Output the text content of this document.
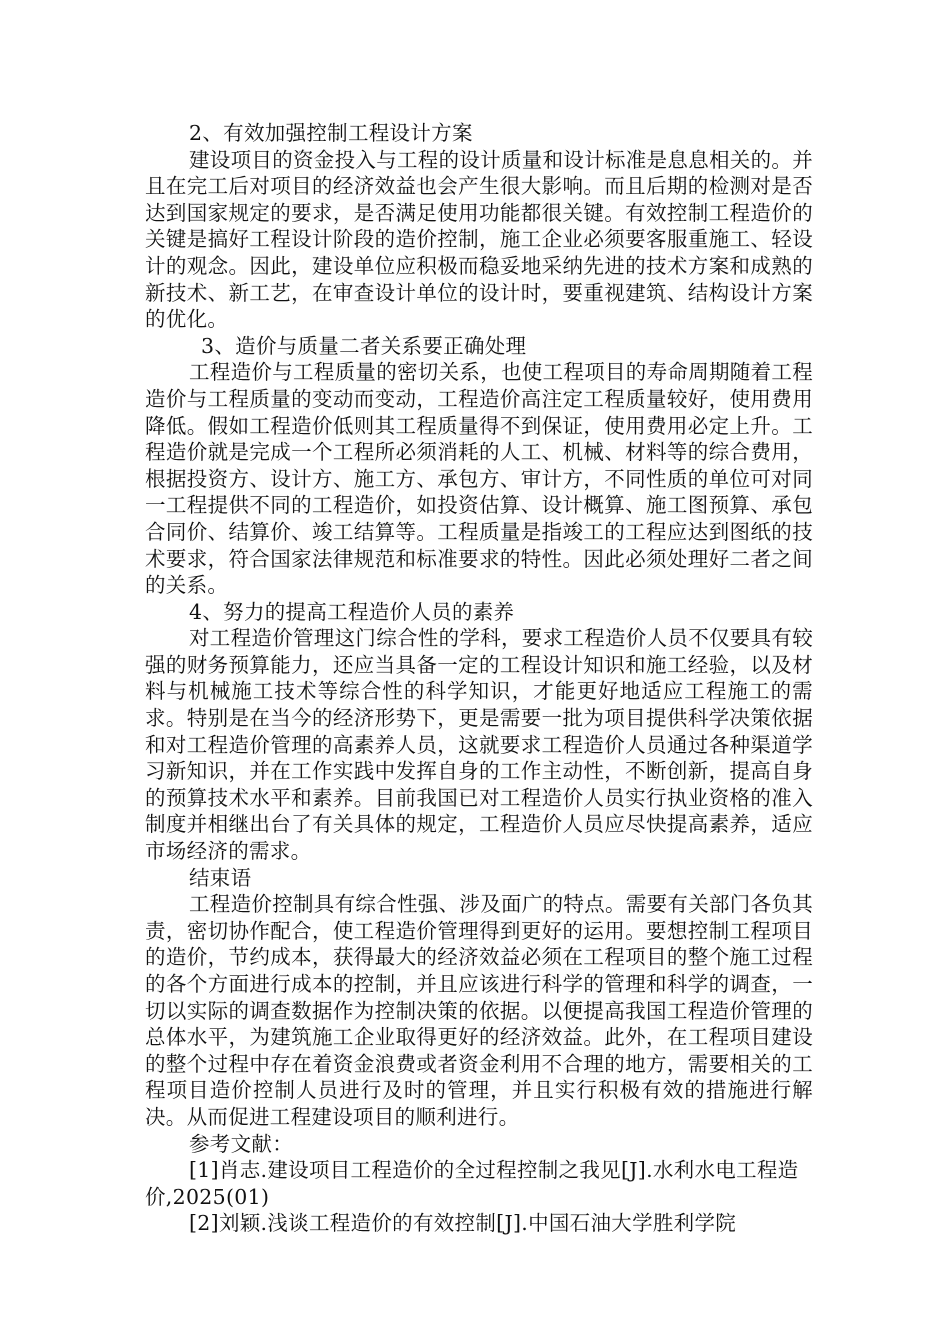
2、有效加强控制工程设计方案

建设项目的资金投入与工程的设计质量和设计标准是息息相关的。并且在完工后对项目的经济效益也会产生很大影响。而且后期的检测对是否达到国家规定的要求，是否满足使用功能都很关键。有效控制工程造价的关键是搞好工程设计阶段的造价控制，施工企业必须要客服重施工、轻设计的观念。因此，建设单位应积极而稳妥地采纳先进的技术方案和成熟的新技术、新工艺，在审查设计单位的设计时，要重视建筑、结构设计方案的优化。

3、造价与质量二者关系要正确处理

工程造价与工程质量的密切关系，也使工程项目的寿命周期随着工程造价与工程质量的变动而变动，工程造价高注定工程质量较好，使用费用降低。假如工程造价低则其工程质量得不到保证，使用费用必定上升。工程造价就是完成一个工程所必须消耗的人工、机械、材料等的综合费用，根据投资方、设计方、施工方、承包方、审计方，不同性质的单位可对同一工程提供不同的工程造价，如投资估算、设计概算、施工图预算、承包合同价、结算价、竣工结算等。工程质量是指竣工的工程应达到图纸的技术要求，符合国家法律规范和标准要求的特性。因此必须处理好二者之间的关系。

4、努力的提高工程造价人员的素养

对工程造价管理这门综合性的学科，要求工程造价人员不仅要具有较强的财务预算能力，还应当具备一定的工程设计知识和施工经验，以及材料与机械施工技术等综合性的科学知识，才能更好地适应工程施工的需求。特别是在当今的经济形势下，更是需要一批为项目提供科学决策依据和对工程造价管理的高素养人员，这就要求工程造价人员通过各种渠道学习新知识，并在工作实践中发挥自身的工作主动性，不断创新，提高自身的预算技术水平和素养。目前我国已对工程造价人员实行执业资格的准入制度并相继出台了有关具体的规定，工程造价人员应尽快提高素养，适应市场经济的需求。

结束语

工程造价控制具有综合性强、涉及面广的特点。需要有关部门各负其责，密切协作配合，使工程造价管理得到更好的运用。要想控制工程项目的造价，节约成本，获得最大的经济效益必须在工程项目的整个施工过程的各个方面进行成本的控制，并且应该进行科学的管理和科学的调查，一切以实际的调查数据作为控制决策的依据。以便提高我国工程造价管理的总体水平，为建筑施工企业取得更好的经济效益。此外，在工程项目建设的整个过程中存在着资金浪费或者资金利用不合理的地方，需要相关的工程项目造价控制人员进行及时的管理，并且实行积极有效的措施进行解决。从而促进工程建设项目的顺利进行。

参考文献：

[1]肖志.建设项目工程造价的全过程控制之我见[J].水利水电工程造价,2025(01)

[2]刘颖.浅谈工程造价的有效控制[J].中国石油大学胜利学院
